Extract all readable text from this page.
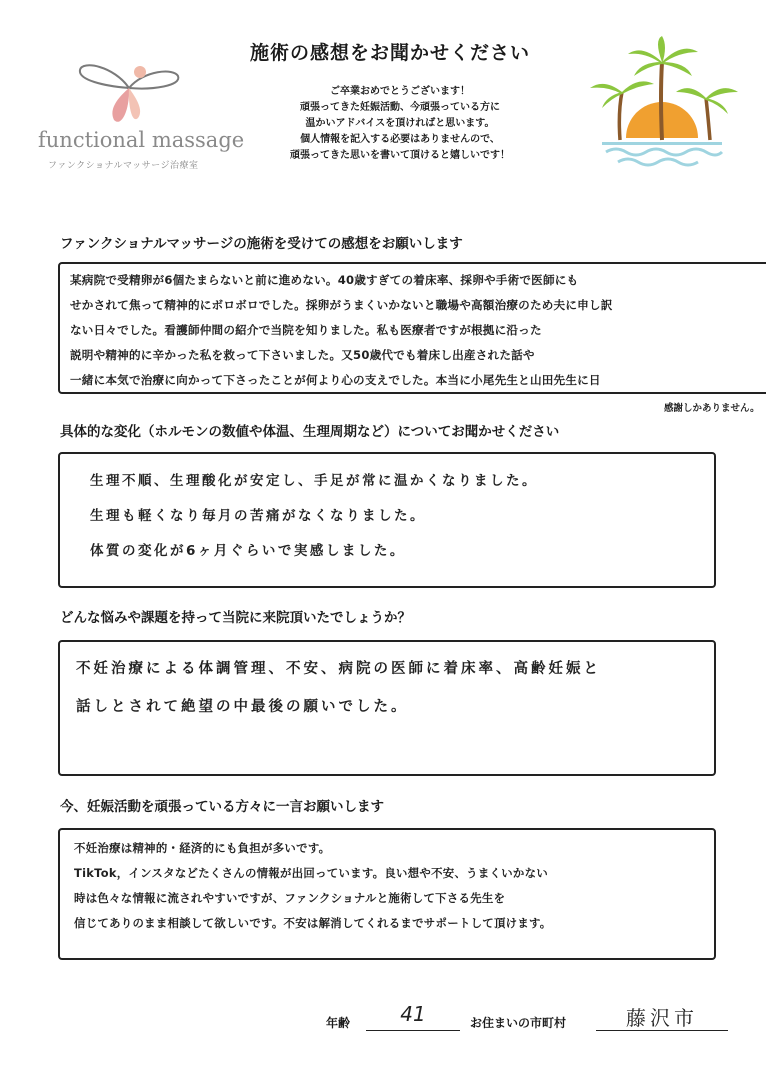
施術の感想をお聞かせください
ご卒業おめでとうございます！
頑張ってきた妊娠活動、今頑張っている方に
温かいアドバイスを頂ければと思います。
個人情報を記入する必要はありませんので、
頑張ってきた思いを書いて頂けると嬉しいです！
functional massage
ファンクショナルマッサージ治療室
ファンクショナルマッサージの施術を受けての感想をお願いします
某病院で受精卵が6個たまらないと前に進めない。40歳すぎての着床率、採卵や手術で医師にも
せかされて焦って精神的にボロボロでした。採卵がうまくいかないと職場や高額治療のため夫に申し訳
ない日々でした。看護師仲間の紹介で当院を知りました。私も医療者ですが根拠に沿った
説明や精神的に辛かった私を救って下さいました。又50歳代でも着床し出産された話や
一緒に本気で治療に向かって下さったことが何より心の支えでした。本当に小尾先生と山田先生に日
感謝しかありません。
具体的な変化（ホルモンの数値や体温、生理周期など）についてお聞かせください
生理不順、生理酸化が安定し、手足が常に温かくなりました。
生理も軽くなり毎月の苦痛がなくなりました。
体質の変化が6ヶ月ぐらいで実感しました。
どんな悩みや課題を持って当院に来院頂いたでしょうか？
不妊治療による体調管理、不安、病院の医師に着床率、高齢妊娠と
話しとされて絶望の中最後の願いでした。
今、妊娠活動を頑張っている方々に一言お願いします
不妊治療は精神的・経済的にも負担が多いです。
TikTok，インスタなどたくさんの情報が出回っています。良い想や不安、うまくいかない
時は色々な情報に流されやすいですが、ファンクショナルと施術して下さる先生を
信じてありのまま相談して欲しいです。不安は解消してくれるまでサポートして頂けます。
年齢	41	お住まいの市町村	藤沢市
